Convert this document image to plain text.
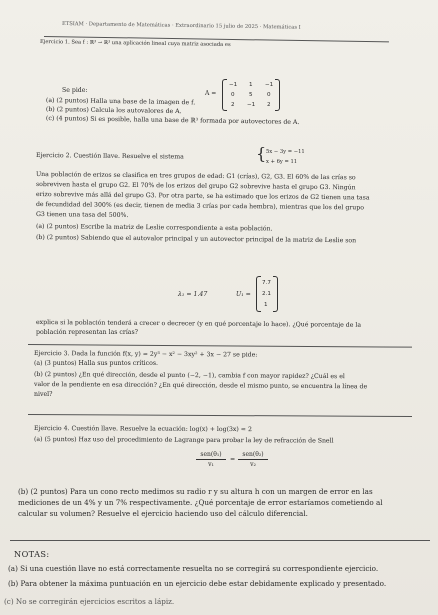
ETSIAM · Departamento de Matemáticas · Extraordinario 15 julio de 2025 · Matemáticas I
Ejercicio 1. Sea f : ℝ³ → ℝ³ una aplicación lineal cuya matriz asociada es
Se pide:	A =
−1 1 −1
0	5	0
2 −1 2
(a) (2 puntos) Halla una base de la imagen de f.
(b) (2 puntos) Calcula los autovalores de A.
(c) (4 puntos) Si es posible, halla una base de ℝ³ formada por autovectores de A.
Ejercicio 2. Cuestión llave. Resuelve el sistema	{ 5x − 3y = −11
x + 6y = 11
Una población de erizos se clasifica en tres grupos de edad: G1 (crías), G2, G3. El 60% de las crías so
sobreviven hasta el grupo G2. El 70% de los erizos del grupo G2 sobrevive hasta el grupo G3. Ningún
erizo sobrevive más allá del grupo G3. Por otra parte, se ha estimado que los erizos de G2 tienen una tasa
de fecundidad del 300% (es decir, tienen de media 3 crías por cada hembra), mientras que los del grupo
G3 tienen una tasa del 500%.
(a) (2 puntos) Escribe la matriz de Leslie correspondiente a esta población.
(b) (2 puntos) Sabiendo que el autovalor principal y un autovector principal de la matriz de Leslie son
λ₁ = 1.47	U₁ =
7.7
2.1
1
explica si la población tenderá a crecer o decrecer (y en qué porcentaje lo hace). ¿Qué porcentaje de la
población representan las crías?
Ejercicio 3. Dada la función f(x, y) = 2y³ − x² − 3xy² + 3x − 27 se pide:
(a) (3 puntos) Halla sus puntos críticos.
(b) (2 puntos) ¿En qué dirección, desde el punto (−2, −1), cambia f con mayor rapidez? ¿Cuál es el
valor de la pendiente en esa dirección? ¿En qué dirección, desde el mismo punto, se encuentra la línea de
nivel?
Ejercicio 4. Cuestión llave. Resuelve la ecuación: log(x) + log(3x) = 2
(a) (5 puntos) Haz uso del procedimiento de Lagrange para probar la ley de refracción de Snell
sen(θ₁)
v₁
=
sen(θ₂)
v₂
(b) (2 puntos) Para un cono recto medimos su radio r y su altura h con un margen de error en las
mediciones de un 4% y un 7% respectivamente. ¿Qué porcentaje de error estaríamos cometiendo al
calcular su volumen? Resuelve el ejercicio haciendo uso del cálculo diferencial.
NOTAS:
(a) Si una cuestión llave no está correctamente resuelta no se corregirá su correspondiente ejercicio.
(b) Para obtener la máxima puntuación en un ejercicio debe estar debidamente explicado y presentado.
(c) No se corregirán ejercicios escritos a lápiz.
